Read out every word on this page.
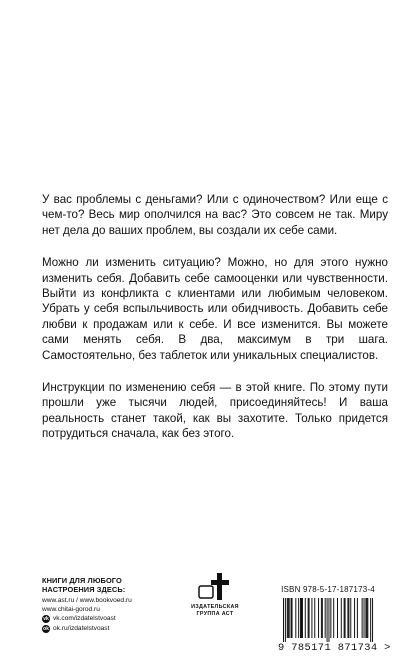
У вас проблемы с деньгами? Или с одиночеством? Или еще с чем-то? Весь мир ополчился на вас? Это совсем не так. Миру нет дела до ваших проблем, вы создали их себе сами.

Можно ли изменить ситуацию? Можно, но для этого нужно изменить себя. Добавить себе самооценки или чувственности. Выйти из конфликта с клиентами или любимым человеком. Убрать у себя вспыльчивость или обидчивость. Добавить себе любви к продажам или к себе. И все изменится. Вы можете сами менять себя. В два, максимум в три шага. Самостоятельно, без таблеток или уникальных специалистов.

Инструкции по изменению себя — в этой книге. По этому пути прошли уже тысячи людей, присоединяйтесь! И ваша реальность станет такой, как вы захотите. Только придется потрудиться сначала, как без этого.

КНИГИ ДЛЯ ЛЮБОГО
НАСТРОЕНИЯ ЗДЕСЬ:
www.ast.ru / www.bookvoed.ru
www.chitai-gorod.ru
vk vk.com/izdatelstvoast
ok ok.ru/izdatelstvoast
ИЗДАТЕЛЬСКАЯ
ГРУППА АСТ
ISBN 978-5-17-187173-4
9 785171 871734 >
